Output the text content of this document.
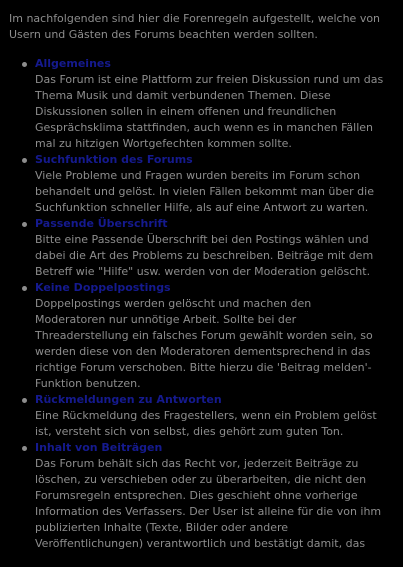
Im nachfolgenden sind hier die Forenregeln aufgestellt, welche von Usern und Gästen des Forums beachten werden sollten.

Allgemeines
Das Forum ist eine Plattform zur freien Diskussion rund um das Thema Musik und damit verbundenen Themen. Diese Diskussionen sollen in einem offenen und freundlichen Gesprächsklima stattfinden, auch wenn es in manchen Fällen mal zu hitzigen Wortgefechten kommen sollte.
Suchfunktion des Forums
Viele Probleme und Fragen wurden bereits im Forum schon behandelt und gelöst. In vielen Fällen bekommt man über die Suchfunktion schneller Hilfe, als auf eine Antwort zu warten.
Passende Überschrift
Bitte eine Passende Überschrift bei den Postings wählen und dabei die Art des Problems zu beschreiben. Beiträge mit dem Betreff wie "Hilfe" usw. werden von der Moderation gelöscht.
Keine Doppelpostings
Doppelpostings werden gelöscht und machen den Moderatoren nur unnötige Arbeit. Sollte bei der Threaderstellung ein falsches Forum gewählt worden sein, so werden diese von den Moderatoren dementsprechend in das richtige Forum verschoben. Bitte hierzu die 'Beitrag melden'-Funktion benutzen.
Rückmeldungen zu Antworten
Eine Rückmeldung des Fragestellers, wenn ein Problem gelöst ist, versteht sich von selbst, dies gehört zum guten Ton.
Inhalt von Beiträgen
Das Forum behält sich das Recht vor, jederzeit Beiträge zu löschen, zu verschieben oder zu überarbeiten, die nicht den Forumsregeln entsprechen. Dies geschieht ohne vorherige Information des Verfassers. Der User ist alleine für die von ihm publizierten Inhalte (Texte, Bilder oder andere Veröffentlichungen) verantwortlich und bestätigt damit, das
